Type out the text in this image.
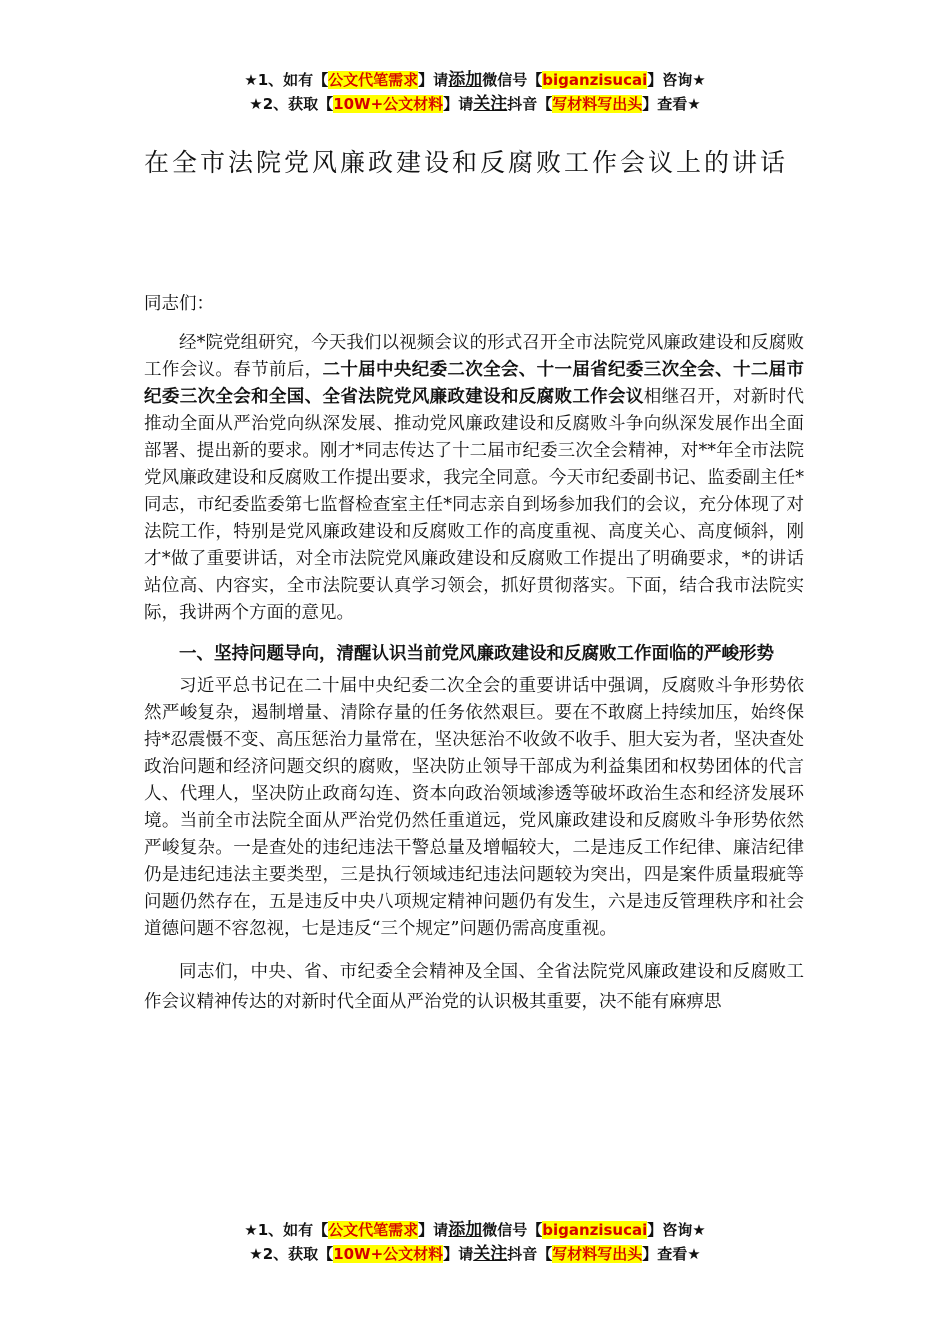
★1、如有【公文代笔需求】请添加微信号【biganzisucai】咨询★
★2、获取【10W+公文材料】请关注抖音【写材料写出头】查看★
在全市法院党风廉政建设和反腐败工作会议上的讲话

同志们：

经*院党组研究，今天我们以视频会议的形式召开全市法院党风廉政建设和反腐败工作会议。春节前后，二十届中央纪委二次全会、十一届省纪委三次全会、十二届市纪委三次全会和全国、全省法院党风廉政建设和反腐败工作会议相继召开，对新时代推动全面从严治党向纵深发展、推动党风廉政建设和反腐败斗争向纵深发展作出全面部署、提出新的要求。刚才*同志传达了十二届市纪委三次全会精神，对**年全市法院党风廉政建设和反腐败工作提出要求，我完全同意。今天市纪委副书记、监委副主任*同志，市纪委监委第七监督检查室主任*同志亲自到场参加我们的会议，充分体现了对法院工作，特别是党风廉政建设和反腐败工作的高度重视、高度关心、高度倾斜，刚才*做了重要讲话，对全市法院党风廉政建设和反腐败工作提出了明确要求，*的讲话站位高、内容实，全市法院要认真学习领会，抓好贯彻落实。下面，结合我市法院实际，我讲两个方面的意见。

一、坚持问题导向，清醒认识当前党风廉政建设和反腐败工作面临的严峻形势

习近平总书记在二十届中央纪委二次全会的重要讲话中强调，反腐败斗争形势依然严峻复杂，遏制增量、清除存量的任务依然艰巨。要在不敢腐上持续加压，始终保持*忍震慑不变、高压惩治力量常在，坚决惩治不收敛不收手、胆大妄为者，坚决查处政治问题和经济问题交织的腐败，坚决防止领导干部成为利益集团和权势团体的代言人、代理人，坚决防止政商勾连、资本向政治领域渗透等破坏政治生态和经济发展环境。当前全市法院全面从严治党仍然任重道远，党风廉政建设和反腐败斗争形势依然严峻复杂。一是查处的违纪违法干警总量及增幅较大，二是违反工作纪律、廉洁纪律仍是违纪违法主要类型，三是执行领域违纪违法问题较为突出，四是案件质量瑕疵等问题仍然存在，五是违反中央八项规定精神问题仍有发生，六是违反管理秩序和社会道德问题不容忽视，七是违反“三个规定”问题仍需高度重视。

同志们，中央、省、市纪委全会精神及全国、全省法院党风廉政建设和反腐败工作会议精神传达的对新时代全面从严治党的认识极其重要，决不能有麻痹思

★1、如有【公文代笔需求】请添加微信号【biganzisucai】咨询★
★2、获取【10W+公文材料】请关注抖音【写材料写出头】查看★
